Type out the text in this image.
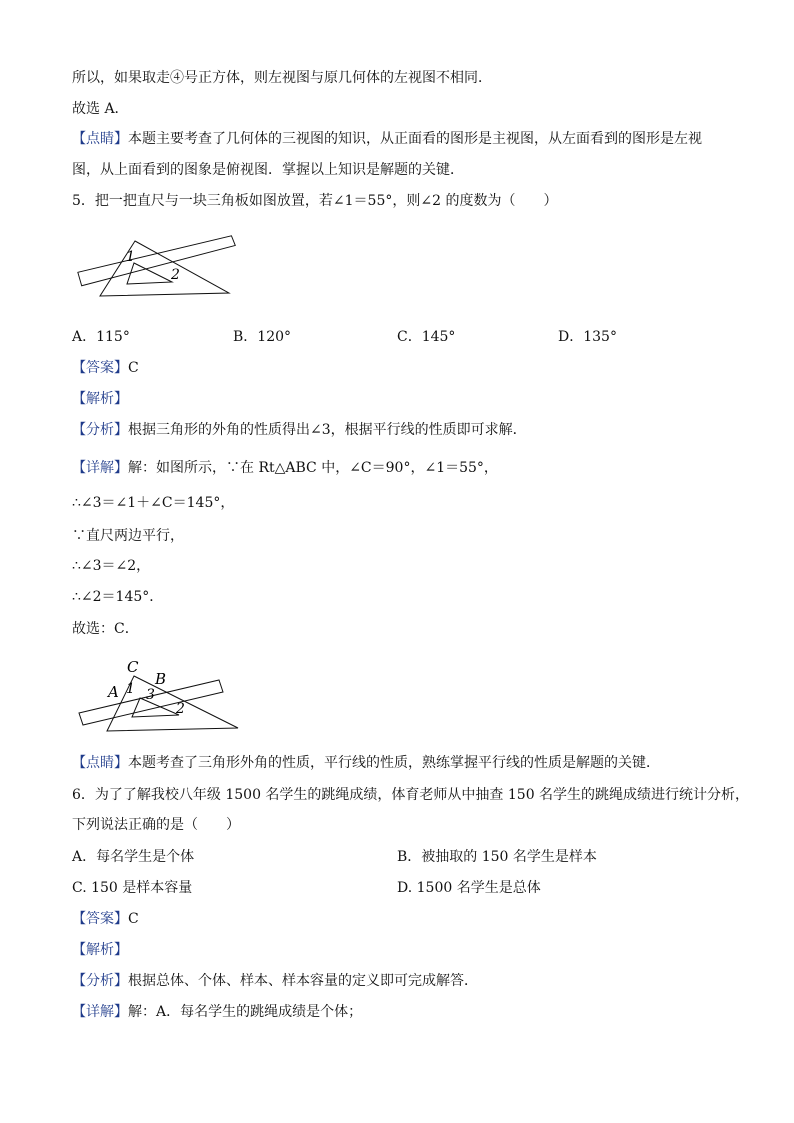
所以，如果取走④号正方体，则左视图与原几何体的左视图不相同．
故选 A．
【点睛】本题主要考查了几何体的三视图的知识，从正面看的图形是主视图，从左面看到的图形是左视
图，从上面看到的图象是俯视图．掌握以上知识是解题的关键．
5．把一把直尺与一块三角板如图放置，若∠1＝55°，则∠2 的度数为（　　）
1
2
A．115°	B．120°	C．145°	D．135°
【答案】C
【解析】
【分析】根据三角形的外角的性质得出∠3，根据平行线的性质即可求解．
【详解】解：如图所示，∵在 Rt△ABC 中，∠C＝90°，∠1＝55°，
∴∠3＝∠1＋∠C＝145°，
∵直尺两边平行，
∴∠3＝∠2，
∴∠2＝145°．
故选：C．
C
B
A 1 3
2
【点睛】本题考查了三角形外角的性质，平行线的性质，熟练掌握平行线的性质是解题的关键．
6．为了了解我校八年级 1500 名学生的跳绳成绩，体育老师从中抽查 150 名学生的跳绳成绩进行统计分析，
下列说法正确的是（　　）
A．每名学生是个体	B．被抽取的 150 名学生是样本
C. 150 是样本容量	D. 1500 名学生是总体
【答案】C
【解析】
【分析】根据总体、个体、样本、样本容量的定义即可完成解答．
【详解】解：A．每名学生的跳绳成绩是个体；
